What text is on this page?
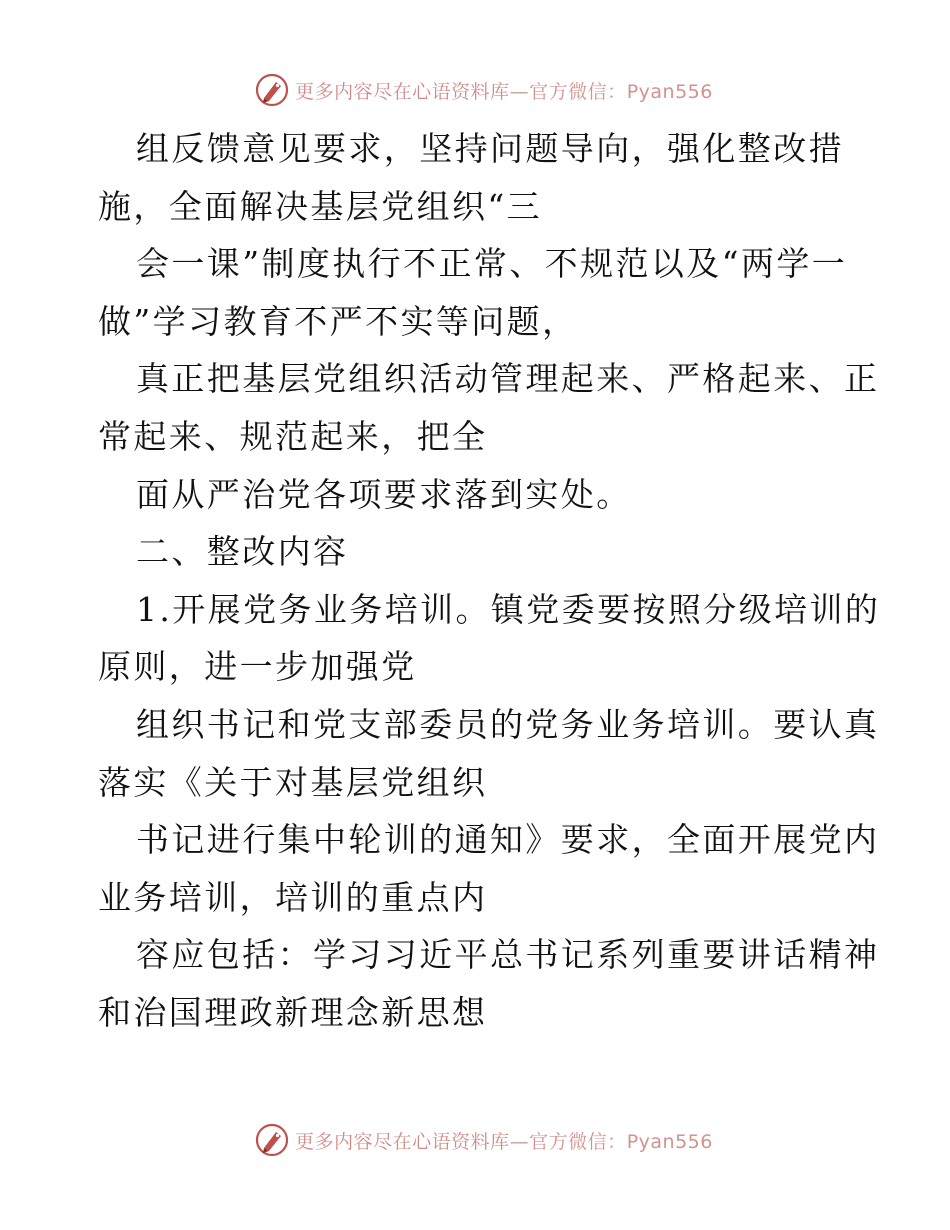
更多内容尽在心语资料库—官方微信：Pyan556
组反馈意见要求，坚持问题导向，强化整改措
施，全面解决基层党组织“三
会一课”制度执行不正常、不规范以及“两学一
做”学习教育不严不实等问题，
真正把基层党组织活动管理起来、严格起来、正
常起来、规范起来，把全
面从严治党各项要求落到实处。
二、整改内容
1.开展党务业务培训。镇党委要按照分级培训的
原则，进一步加强党
组织书记和党支部委员的党务业务培训。要认真
落实《关于对基层党组织
书记进行集中轮训的通知》要求，全面开展党内
业务培训，培训的重点内
容应包括：学习习近平总书记系列重要讲话精神
和治国理政新理念新思想
更多内容尽在心语资料库—官方微信：Pyan556
